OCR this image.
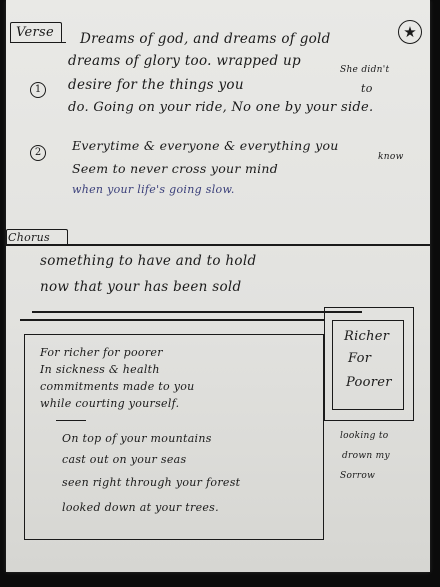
Verse	★
Dreams of god, and dreams of gold
dreams of glory too. wrapped up
She didn't
1	desire for the things you	to
do. Going on your ride, No one by your side.
2	Everytime & everyone & everything you
know
Seem to never cross your mind
when your life's going slow.
Chorus
something to have and to hold
now that your has been sold
For richer for poorer
In sickness & health
commitments made to you
while courting yourself.
On top of your mountains
cast out on your seas
seen right through your forest
looked down at your trees.
Richer
For
Poorer
looking to
drown my
Sorrow
